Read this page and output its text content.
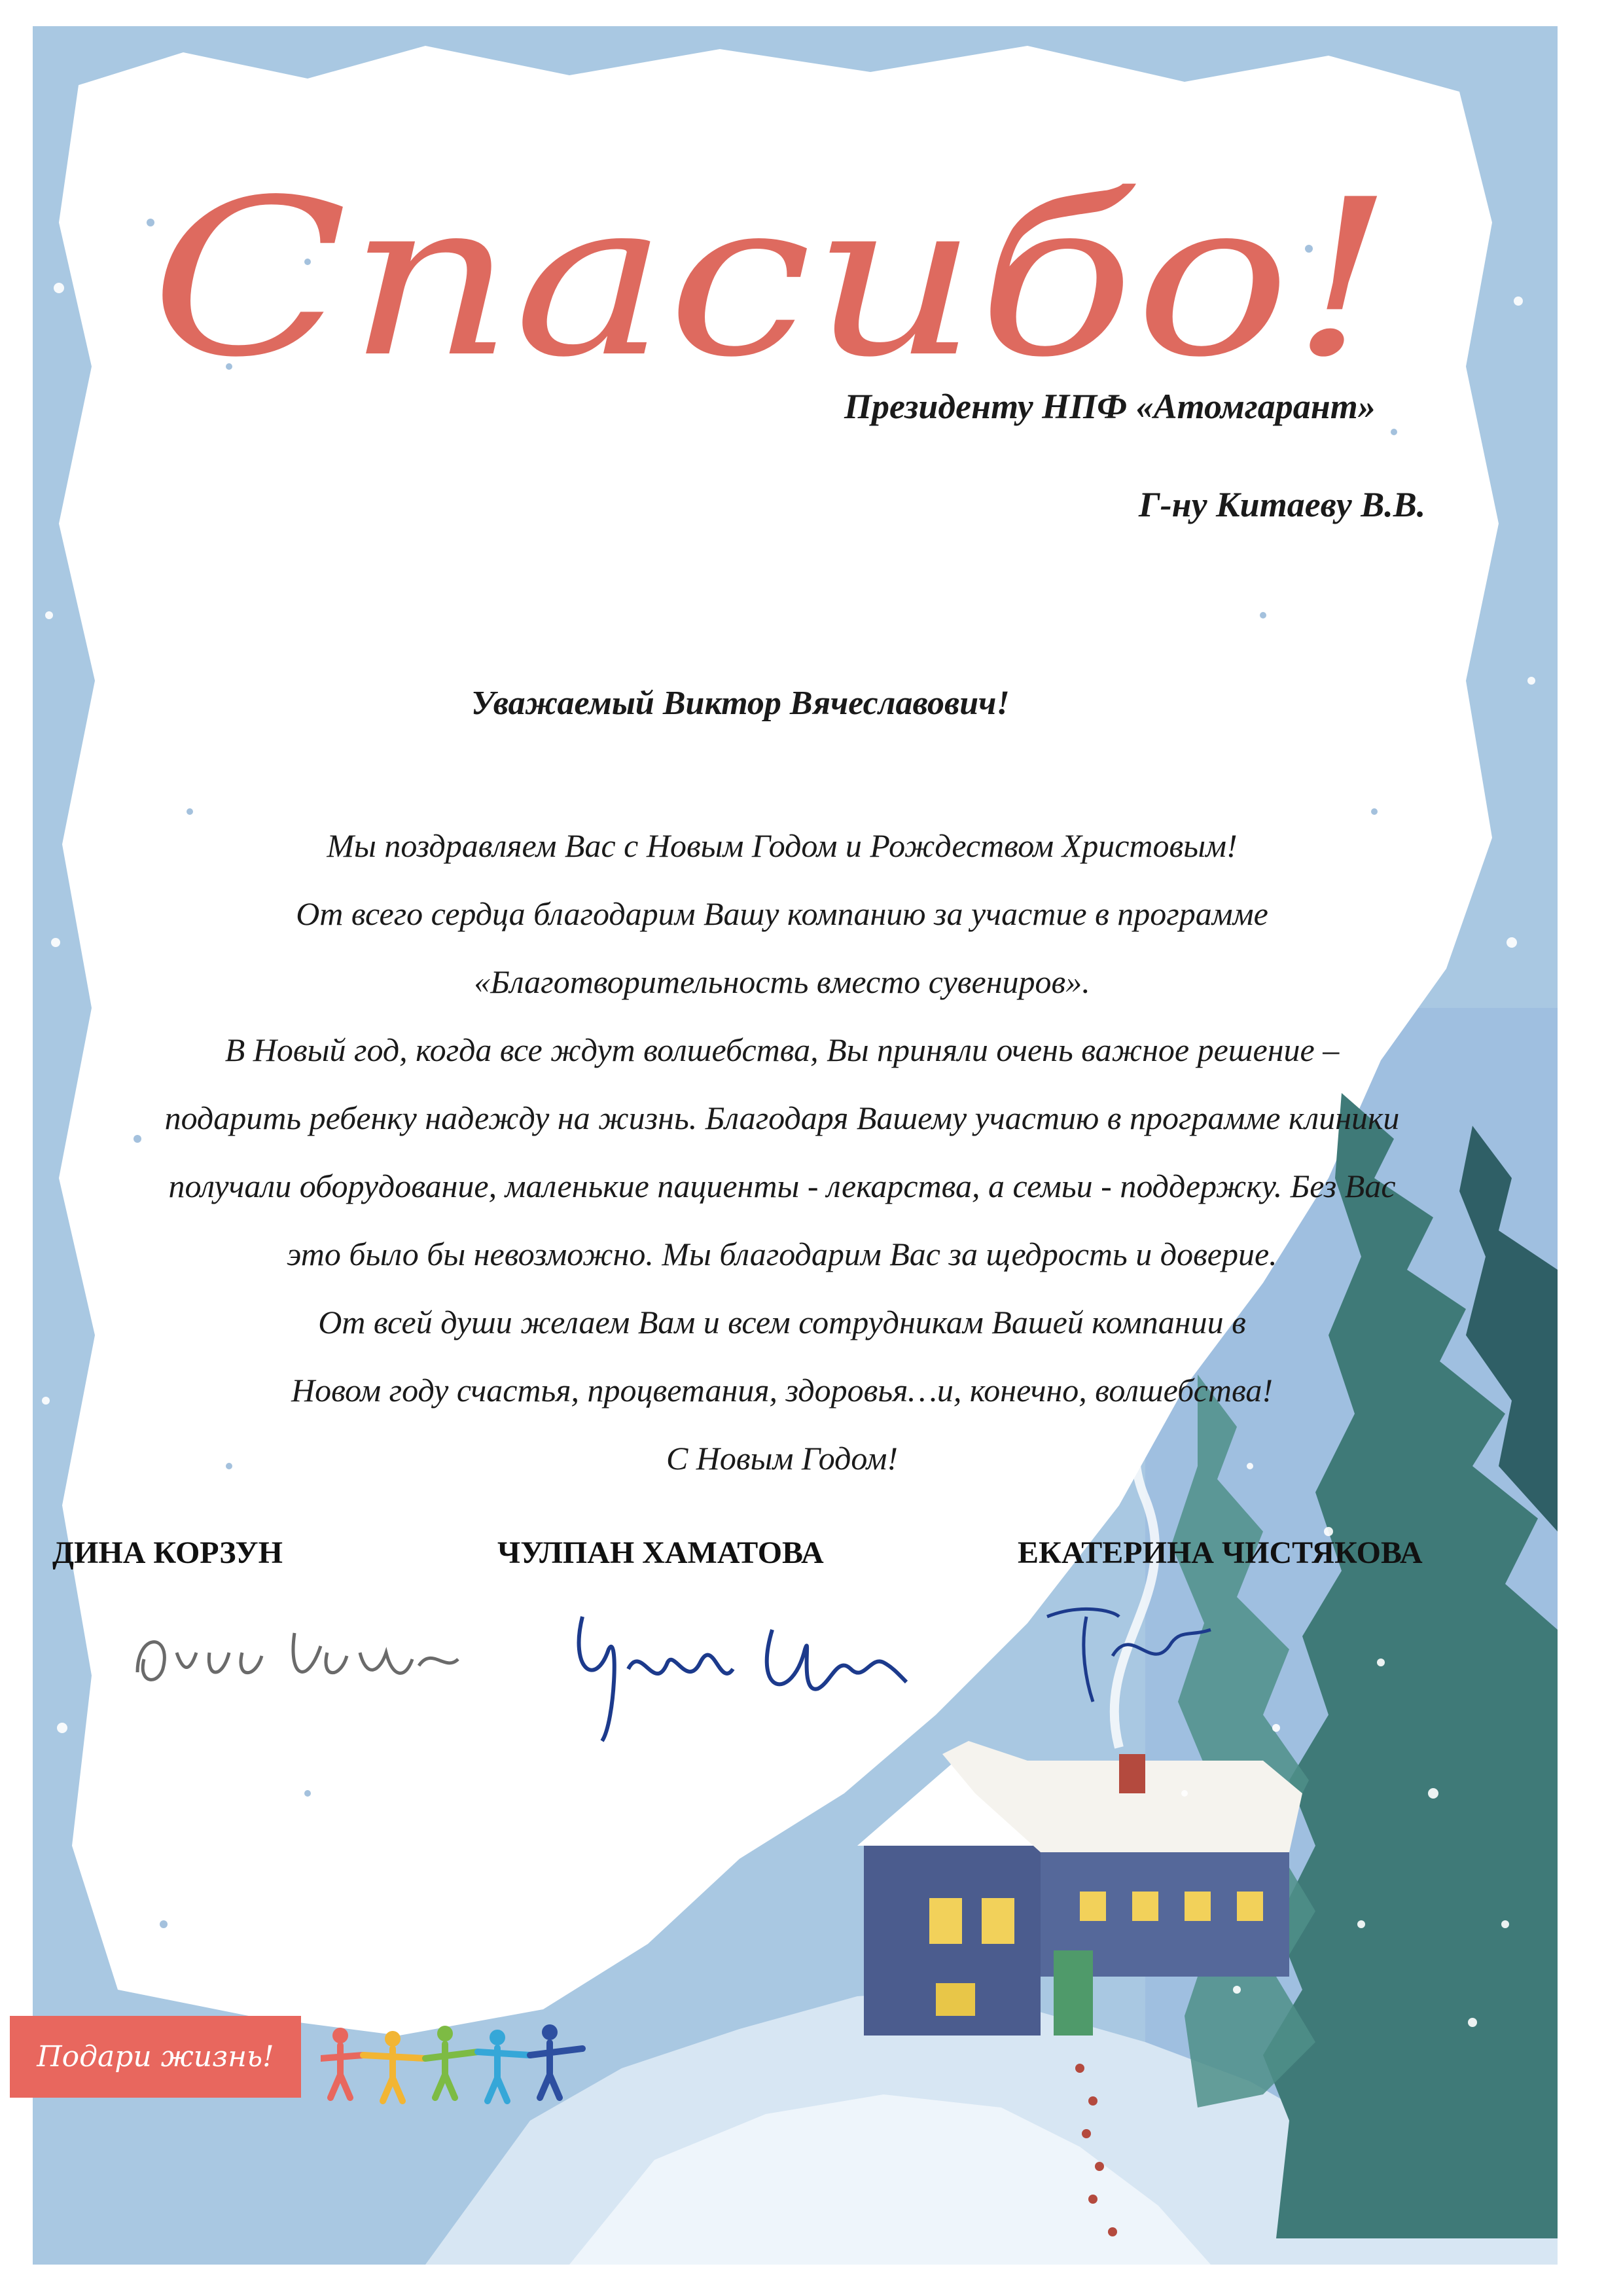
Спасибо!
Президенту НПФ «Атомгарант»
Г-ну Китаеву В.В.
Уважаемый Виктор Вячеславович!
Мы поздравляем Вас с Новым Годом и Рождеством Христовым!
От всего сердца благодарим Вашу компанию за участие в программе
«Благотворительность вместо сувениров».
В Новый год, когда все ждут волшебства, Вы приняли очень важное решение –
подарить ребенку надежду на жизнь. Благодаря Вашему участию в программе клиники
получали оборудование, маленькие пациенты - лекарства, а семьи - поддержку. Без Вас
это было бы невозможно. Мы благодарим Вас за щедрость и доверие.
От всей души желаем Вам и всем сотрудникам Вашей компании в
Новом году счастья, процветания, здоровья…и, конечно, волшебства!
С Новым Годом!
ДИНА КОРЗУН	ЧУЛПАН ХАМАТОВА	ЕКАТЕРИНА ЧИСТЯКОВА
Подари жизнь!
